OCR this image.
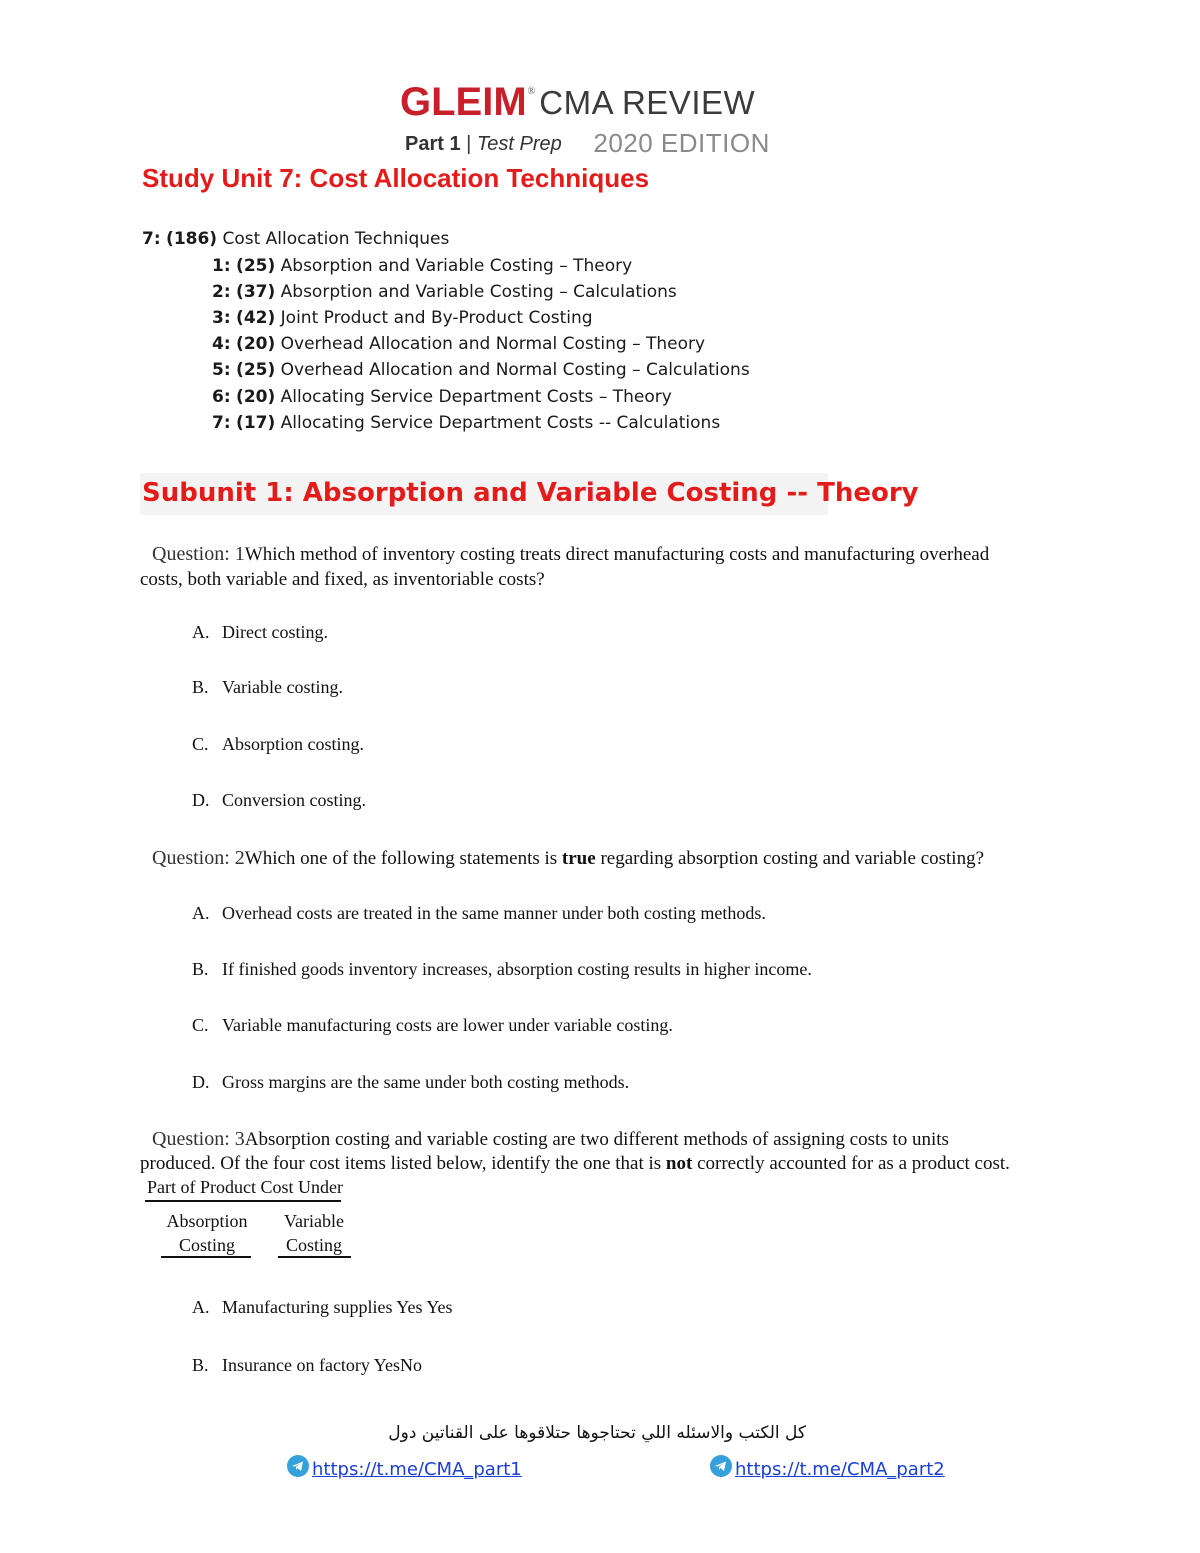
GLEIM® CMA REVIEW
Part 1 | Test Prep 2020 EDITION
Study Unit 7: Cost Allocation Techniques
7: (186) Cost Allocation Techniques
1: (25) Absorption and Variable Costing – Theory
2: (37) Absorption and Variable Costing – Calculations
3: (42) Joint Product and By-Product Costing
4: (20) Overhead Allocation and Normal Costing – Theory
5: (25) Overhead Allocation and Normal Costing – Calculations
6: (20) Allocating Service Department Costs – Theory
7: (17) Allocating Service Department Costs -- Calculations
Subunit 1: Absorption and Variable Costing -- Theory
Question: 1Which method of inventory costing treats direct manufacturing costs and manufacturing overhead
costs, both variable and fixed, as inventoriable costs?
A. Direct costing.
B. Variable costing.
C. Absorption costing.
D. Conversion costing.
Question: 2Which one of the following statements is true regarding absorption costing and variable costing?
A. Overhead costs are treated in the same manner under both costing methods.
B. If finished goods inventory increases, absorption costing results in higher income.
C. Variable manufacturing costs are lower under variable costing.
D. Gross margins are the same under both costing methods.
Question: 3Absorption costing and variable costing are two different methods of assigning costs to units
produced. Of the four cost items listed below, identify the one that is not correctly accounted for as a product cost.
Part of Product Cost Under
Absorption
Costing
Variable
Costing
A. Manufacturing supplies Yes Yes
B. Insurance on factory YesNo
كل الكتب والاسئله اللي تحتاجوها حتلاقوها على القناتين دول
https://t.me/CMA_part1	https://t.me/CMA_part2
